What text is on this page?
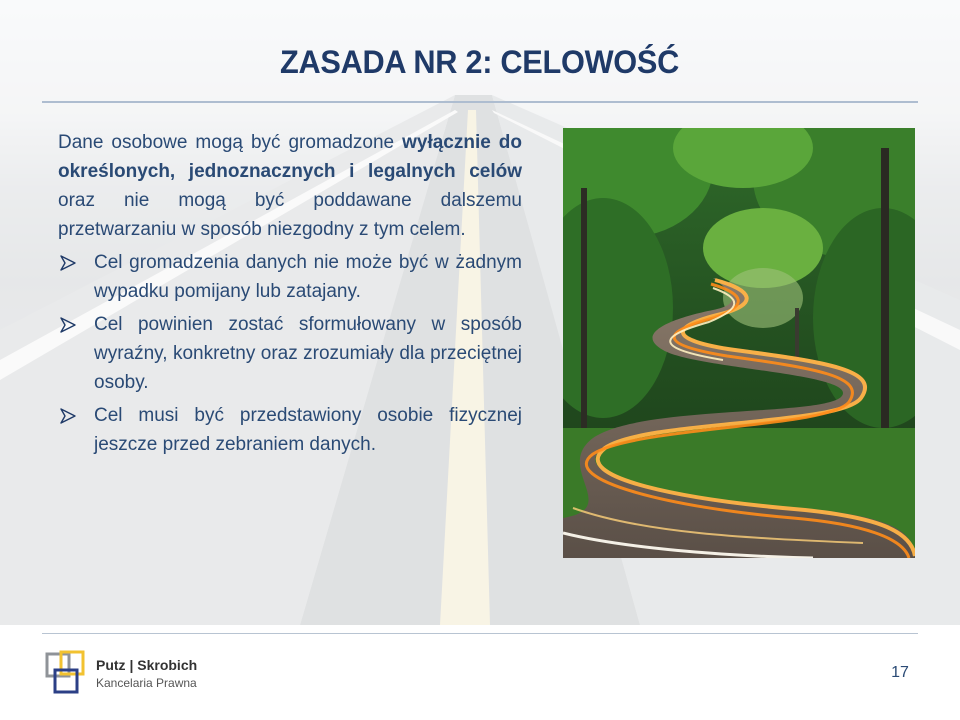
ZASADA NR 2: CELOWOŚĆ

Dane osobowe mogą być gromadzone wyłącznie do określonych, jednoznacznych i legalnych celów oraz nie mogą być poddawane dalszemu przetwarzaniu w sposób niezgodny z tym celem.

Cel gromadzenia danych nie może być w żadnym wypadku pomijany lub zatajany.
Cel powinien zostać sformułowany w sposób wyraźny, konkretny oraz zrozumiały dla przeciętnej osoby.
Cel musi być przedstawiony osobie fizycznej jeszcze przed zebraniem danych.
Putz | Skrobich
Kancelaria Prawna
17
